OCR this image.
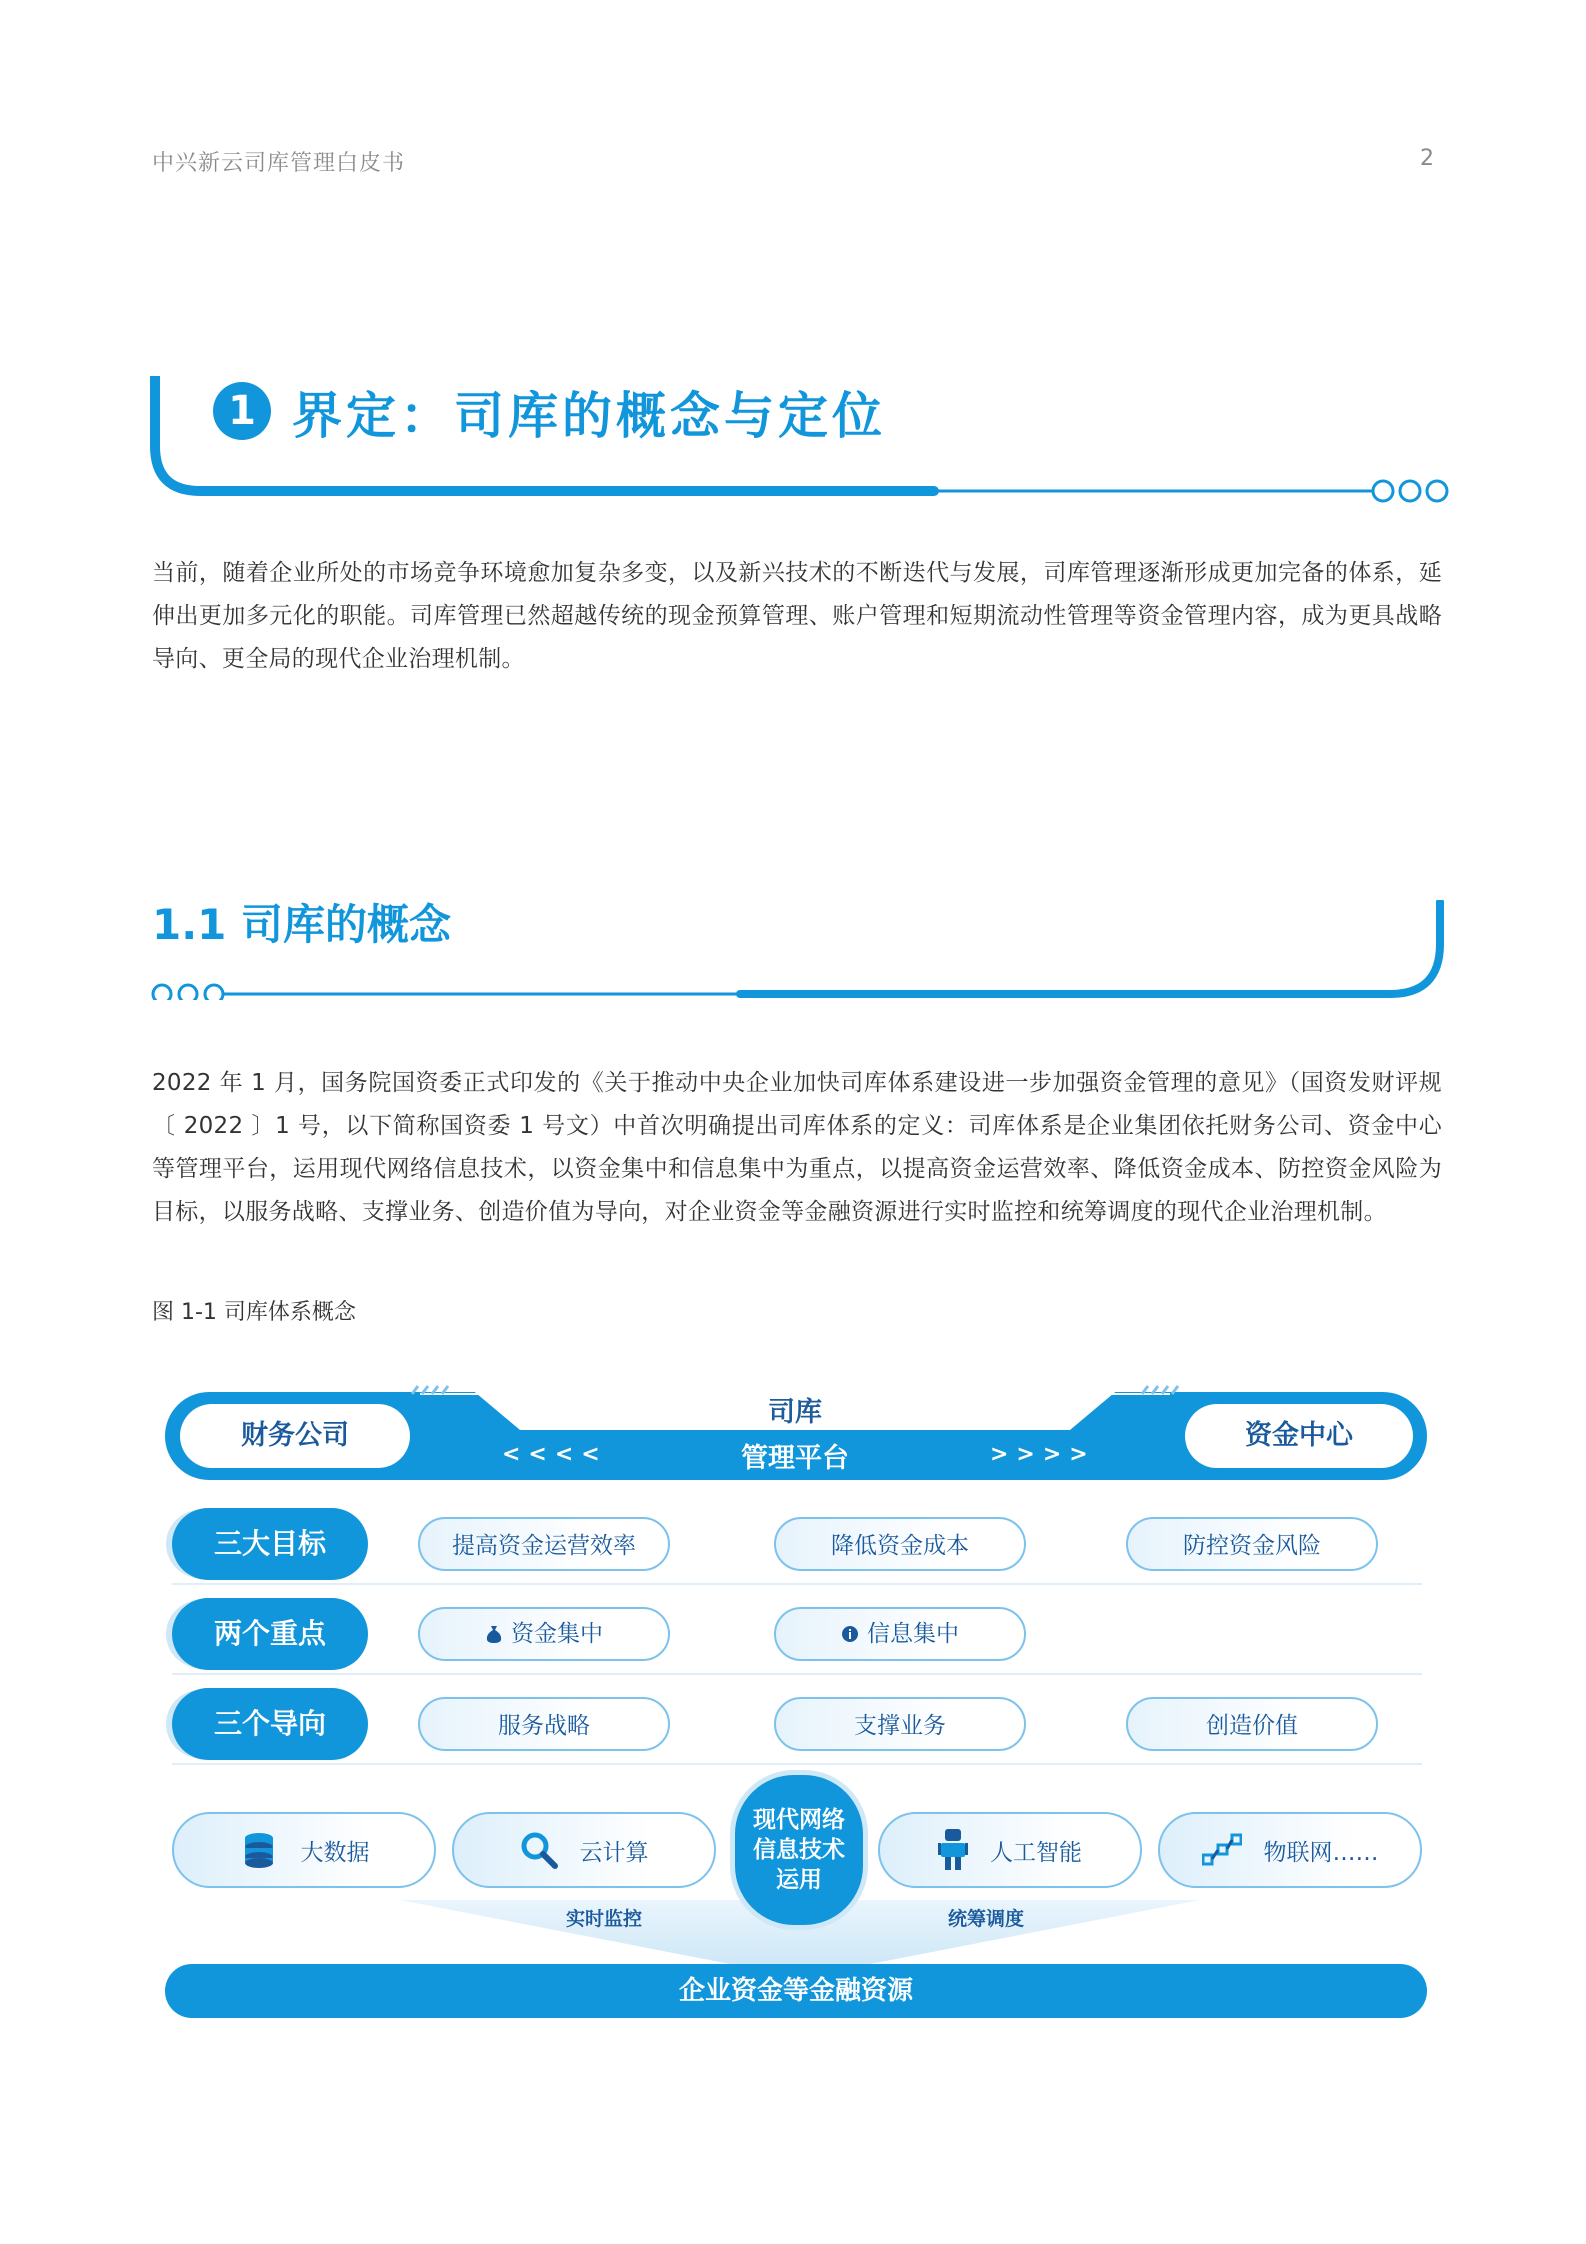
中兴新云司库管理白皮书	2
1 界定：司库的概念与定位
当前，随着企业所处的市场竞争环境愈加复杂多变，以及新兴技术的不断迭代与发展，司库管理逐渐形成更加完备的体系，延伸出更加多元化的职能。司库管理已然超越传统的现金预算管理、账户管理和短期流动性管理等资金管理内容，成为更具战略导向、更全局的现代企业治理机制。
1.1 司库的概念
2022 年 1 月，国务院国资委正式印发的《关于推动中央企业加快司库体系建设进一步加强资金管理的意见》（国资发财评规〔 2022 〕1 号，以下简称国资委 1 号文）中首次明确提出司库体系的定义：司库体系是企业集团依托财务公司、资金中心等管理平台，运用现代网络信息技术，以资金集中和信息集中为重点，以提高资金运营效率、降低资金成本、防控资金风险为目标，以服务战略、支撑业务、创造价值为导向，对企业资金等金融资源进行实时监控和统筹调度的现代企业治理机制。
图 1-1 司库体系概念
财务公司	资金中心
司库
管理平台
<<<<	>>>>
三大目标	提高资金运营效率	降低资金成本	防控资金风险
两个重点	资金集中	信息集中
三个导向	服务战略	支撑业务	创造价值
大数据	云计算
现代网络
信息技术
运用
人工智能	物联网……
实时监控	统筹调度
企业资金等金融资源
